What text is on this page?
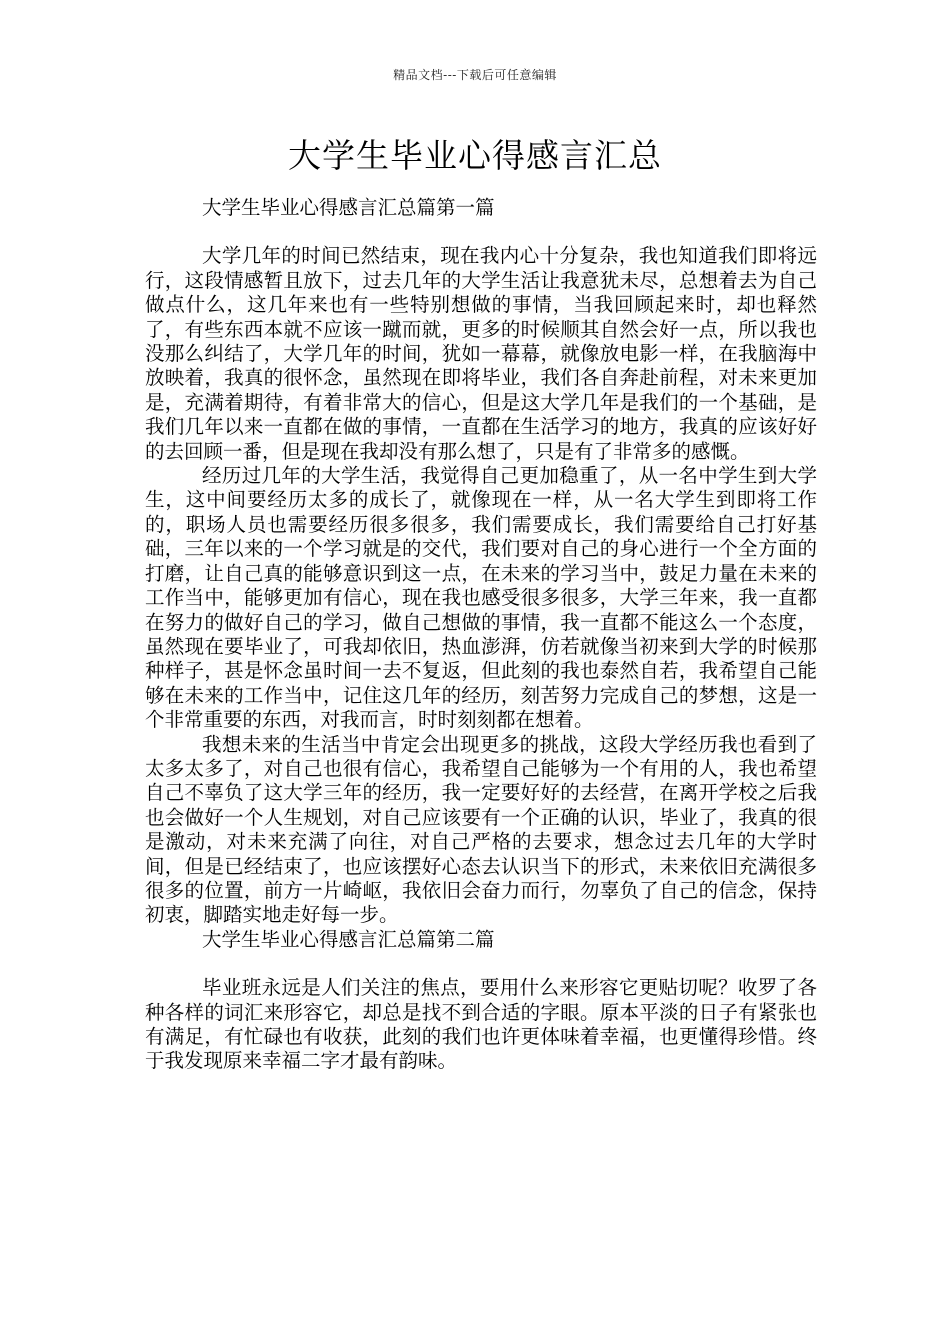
精品文档---下载后可任意编辑
大学生毕业心得感言汇总

大学生毕业心得感言汇总篇第一篇

大学几年的时间已然结束，现在我内心十分复杂，我也知道我们即将远行，这段情感暂且放下，过去几年的大学生活让我意犹未尽，总想着去为自己做点什么，这几年来也有一些特别想做的事情，当我回顾起来时，却也释然了，有些东西本就不应该一蹴而就，更多的时候顺其自然会好一点，所以我也没那么纠结了，大学几年的时间，犹如一幕幕，就像放电影一样，在我脑海中放映着，我真的很怀念，虽然现在即将毕业，我们各自奔赴前程，对未来更加是，充满着期待，有着非常大的信心，但是这大学几年是我们的一个基础，是我们几年以来一直都在做的事情，一直都在生活学习的地方，我真的应该好好的去回顾一番，但是现在我却没有那么想了，只是有了非常多的感慨。

经历过几年的大学生活，我觉得自己更加稳重了，从一名中学生到大学生，这中间要经历太多的成长了，就像现在一样，从一名大学生到即将工作的，职场人员也需要经历很多很多，我们需要成长，我们需要给自己打好基础，三年以来的一个学习就是的交代，我们要对自己的身心进行一个全方面的打磨，让自己真的能够意识到这一点，在未来的学习当中，鼓足力量在未来的工作当中，能够更加有信心，现在我也感受很多很多，大学三年来，我一直都在努力的做好自己的学习，做自己想做的事情，我一直都不能这么一个态度，虽然现在要毕业了，可我却依旧，热血澎湃，仿若就像当初来到大学的时候那种样子，甚是怀念虽时间一去不复返，但此刻的我也泰然自若，我希望自己能够在未来的工作当中，记住这几年的经历，刻苦努力完成自己的梦想，这是一个非常重要的东西，对我而言，时时刻刻都在想着。

我想未来的生活当中肯定会出现更多的挑战，这段大学经历我也看到了太多太多了，对自己也很有信心，我希望自己能够为一个有用的人，我也希望自己不辜负了这大学三年的经历，我一定要好好的去经营，在离开学校之后我也会做好一个人生规划，对自己应该要有一个正确的认识，毕业了，我真的很是激动，对未来充满了向往，对自己严格的去要求，想念过去几年的大学时间，但是已经结束了，也应该摆好心态去认识当下的形式，未来依旧充满很多很多的位置，前方一片崎岖，我依旧会奋力而行，勿辜负了自己的信念，保持初衷，脚踏实地走好每一步。

大学生毕业心得感言汇总篇第二篇

毕业班永远是人们关注的焦点，要用什么来形容它更贴切呢？收罗了各种各样的词汇来形容它，却总是找不到合适的字眼。原本平淡的日子有紧张也有满足，有忙碌也有收获，此刻的我们也许更体味着幸福，也更懂得珍惜。终于我发现原来幸福二字才最有韵味。
